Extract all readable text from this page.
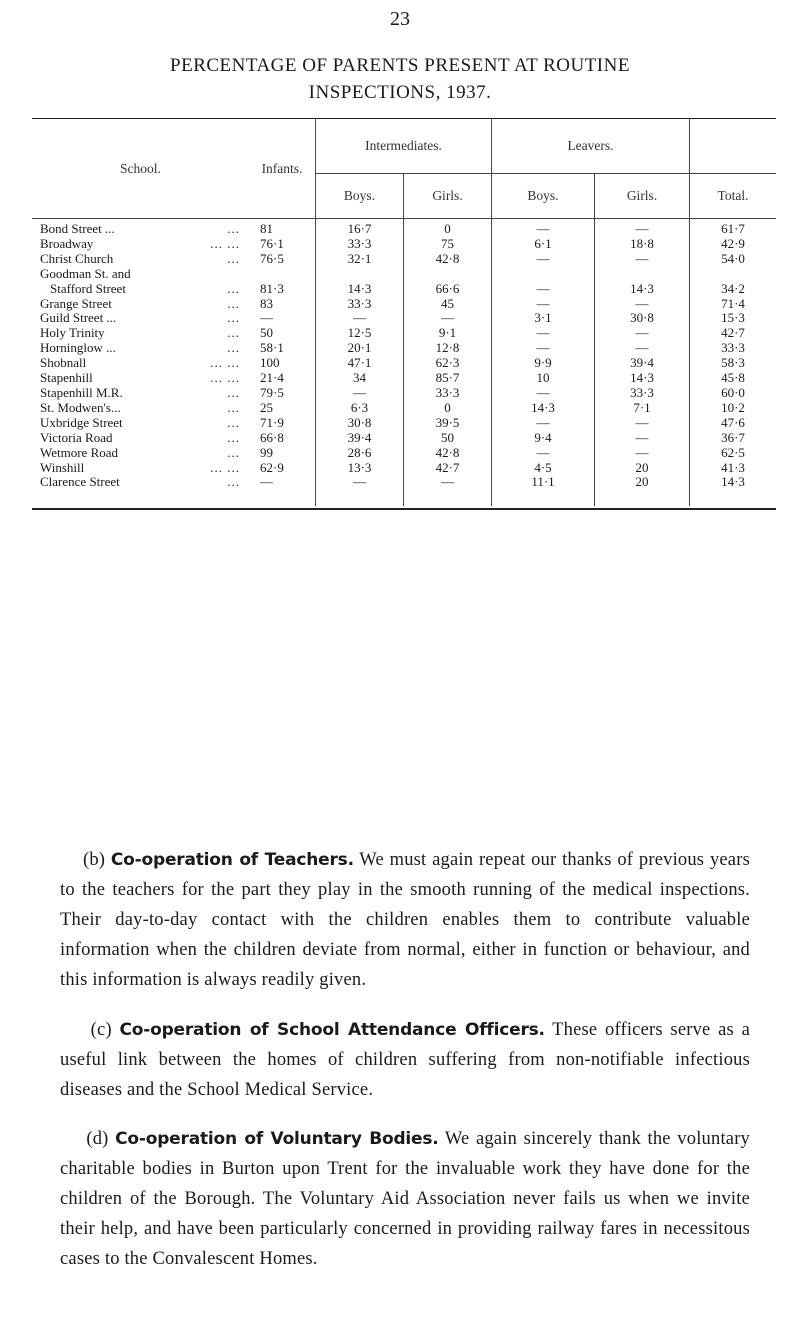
23
PERCENTAGE OF PARENTS PRESENT AT ROUTINE
INSPECTIONS, 1937.
School.	Infants.	Intermediates.		Leavers.		
		Boys.	Girls.	Boys.	Girls.	Total.
Bond Street ... ...	81	16·7	0	—	—	61·7
Broadway ... ...	76·1	33·3	75	6·1	18·8	42·9
Christ Church ...	76·5	32·1	42·8	—	—	54·0
Goodman St. and

Stafford Street ...	81·3	14·3	66·6	—	14·3	34·2
Grange Street ...	83	33·3	45	—	—	71·4
Guild Street ... ...	—	—	—	3·1	30·8	15·3
Holy Trinity ...	50	12·5	9·1	—	—	42·7
Horninglow ... ...	58·1	20·1	12·8	—	—	33·3
Shobnall ... ...	100	47·1	62·3	9·9	39·4	58·3
Stapenhill ... ...	21·4	34	85·7	10	14·3	45·8
Stapenhill M.R. ...	79·5	—	33·3	—	33·3	60·0
St. Modwen's... ...	25	6·3	0	14·3	7·1	10·2
Uxbridge Street ...	71·9	30·8	39·5	—	—	47·6
Victoria Road ...	66·8	39·4	50	9·4	—	36·7
Wetmore Road ...	99	28·6	42·8	—	—	62·5
Winshill ... ...	62·9	13·3	42·7	4·5	20	41·3
Clarence Street ...	—	—	—	11·1	20	14·3
(b) Co-operation of Teachers. We must again repeat our thanks of previous years to the teachers for the part they play in the smooth running of the medical inspections. Their day-to-day contact with the children enables them to contribute valuable information when the children deviate from normal, either in function or behaviour, and this information is always readily given.
(c) Co-operation of School Attendance Officers. These officers serve as a useful link between the homes of children suffering from non-notifiable infectious diseases and the School Medical Service.
(d) Co-operation of Voluntary Bodies. We again sincerely thank the voluntary charitable bodies in Burton upon Trent for the invaluable work they have done for the children of the Borough. The Voluntary Aid Association never fails us when we invite their help, and have been particularly concerned in providing railway fares in necessitous cases to the Convalescent Homes.
